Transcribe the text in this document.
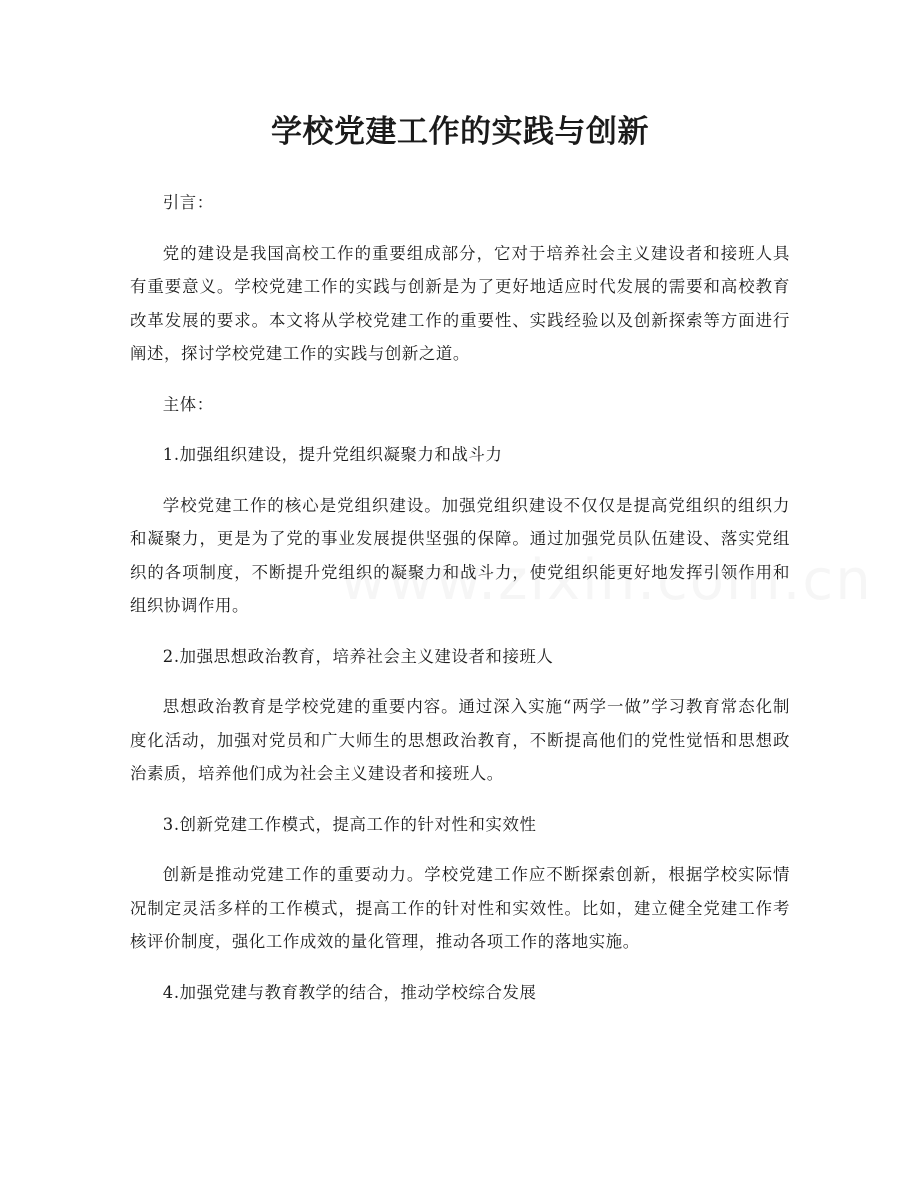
学校党建工作的实践与创新

引言：

党的建设是我国高校工作的重要组成部分，它对于培养社会主义建设者和接班人具有重要意义。学校党建工作的实践与创新是为了更好地适应时代发展的需要和高校教育改革发展的要求。本文将从学校党建工作的重要性、实践经验以及创新探索等方面进行阐述，探讨学校党建工作的实践与创新之道。

主体：

1.加强组织建设，提升党组织凝聚力和战斗力

学校党建工作的核心是党组织建设。加强党组织建设不仅仅是提高党组织的组织力和凝聚力，更是为了党的事业发展提供坚强的保障。通过加强党员队伍建设、落实党组织的各项制度，不断提升党组织的凝聚力和战斗力，使党组织能更好地发挥引领作用和组织协调作用。

2.加强思想政治教育，培养社会主义建设者和接班人

思想政治教育是学校党建的重要内容。通过深入实施“两学一做”学习教育常态化制度化活动，加强对党员和广大师生的思想政治教育，不断提高他们的党性觉悟和思想政治素质，培养他们成为社会主义建设者和接班人。

3.创新党建工作模式，提高工作的针对性和实效性

创新是推动党建工作的重要动力。学校党建工作应不断探索创新，根据学校实际情况制定灵活多样的工作模式，提高工作的针对性和实效性。比如，建立健全党建工作考核评价制度，强化工作成效的量化管理，推动各项工作的落地实施。

4.加强党建与教育教学的结合，推动学校综合发展
